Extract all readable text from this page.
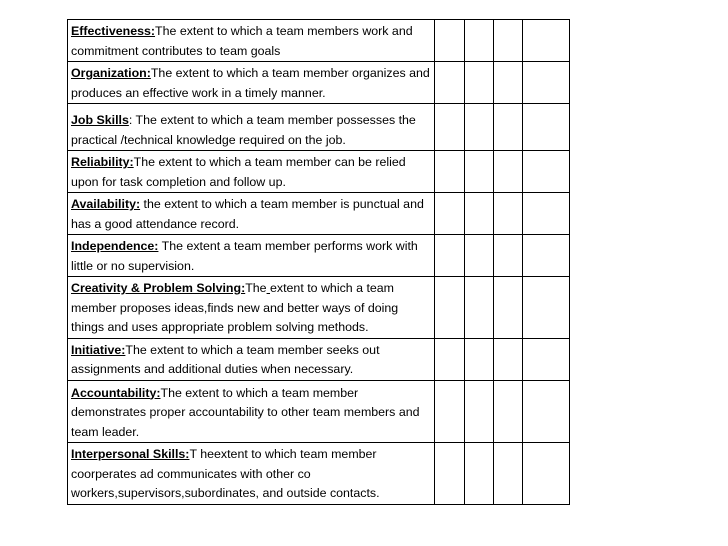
Effectiveness:The extent to which a team members work and commitment contributes to team goals				
Organization:The extent to which a team member organizes and produces an effective work in a timely manner.				
Job Skills: The extent to which a team member possesses the practical /technical knowledge required on the job.				
Reliability:The extent to which a team member can be relied upon for task completion and follow up.				
Availability: the extent to which a team member is punctual and has a good attendance record.				
Independence: The extent a team member performs work with little or no supervision.				
Creativity & Problem Solving:The extent to which a team member proposes ideas,finds new and better ways of doing things and uses appropriate problem solving methods.				
Initiative:The extent to which a team member seeks out assignments and additional duties when necessary.				
Accountability:The extent to which a team member demonstrates proper accountability to other team members and team leader.				
Interpersonal Skills:T heextent to which team member coorperates ad communicates with other co workers,supervisors,subordinates, and outside contacts.				
